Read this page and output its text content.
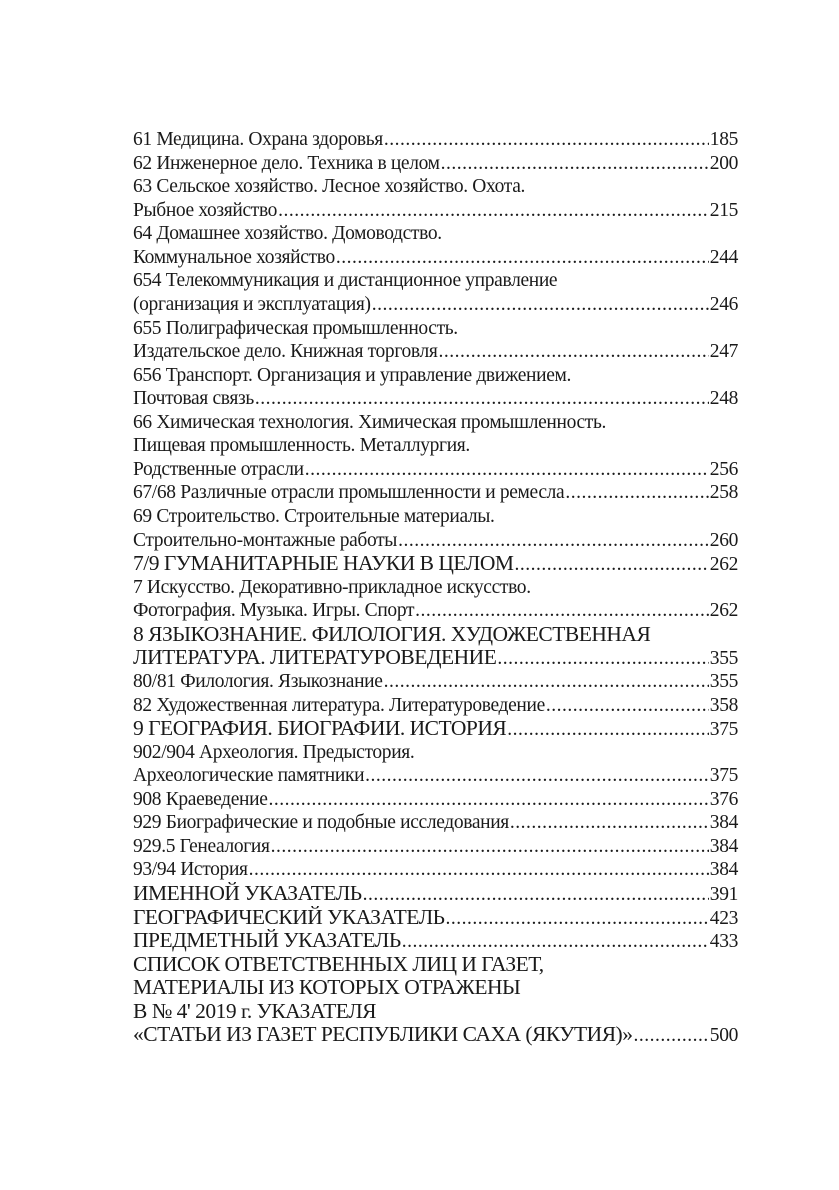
61 Медицина. Охрана здоровья .....	185
62 Инженерное дело. Техника в целом .....	200
63 Сельское хозяйство. Лесное хозяйство. Охота.
Рыбное хозяйство .....	215
64 Домашнее хозяйство. Домоводство.
Коммунальное хозяйство .....	244
654 Телекоммуникация и дистанционное управление
(организация и эксплуатация) .....	246
655 Полиграфическая промышленность.
Издательское дело. Книжная торговля .....	247
656 Транспорт. Организация и управление движением.
Почтовая связь .....	248
66 Химическая технология. Химическая промышленность.
Пищевая промышленность. Металлургия.
Родственные отрасли .....	256
67/68 Различные отрасли промышленности и ремесла .....	258
69 Строительство. Строительные материалы.
Строительно-монтажные работы .....	260
7/9 ГУМАНИТАРНЫЕ НАУКИ В ЦЕЛОМ .....	262
7 Искусство. Декоративно-прикладное искусство.
Фотография. Музыка. Игры. Спорт .....	262
8 ЯЗЫКОЗНАНИЕ. ФИЛОЛОГИЯ. ХУДОЖЕСТВЕННАЯ
ЛИТЕРАТУРА. ЛИТЕРАТУРОВЕДЕНИЕ .....	355
80/81 Филология. Языкознание .....	355
82 Художественная литература. Литературоведение .....	358
9 ГЕОГРАФИЯ. БИОГРАФИИ. ИСТОРИЯ .....	375
902/904 Археология. Предыстория.
Археологические памятники .....	375
908 Краеведение .....	376
929 Биографические и подобные исследования .....	384
929.5 Генеалогия .....	384
93/94 История .....	384
ИМЕННОЙ УКАЗАТЕЛЬ .....	391
ГЕОГРАФИЧЕСКИЙ УКАЗАТЕЛЬ .....	423
ПРЕДМЕТНЫЙ УКАЗАТЕЛЬ .....	433
СПИСОК ОТВЕТСТВЕННЫХ ЛИЦ И ГАЗЕТ,
МАТЕРИАЛЫ ИЗ КОТОРЫХ ОТРАЖЕНЫ
В № 4' 2019 г. УКАЗАТЕЛЯ
«СТАТЬИ ИЗ ГАЗЕТ РЕСПУБЛИКИ САХА (ЯКУТИЯ)» .....	500
